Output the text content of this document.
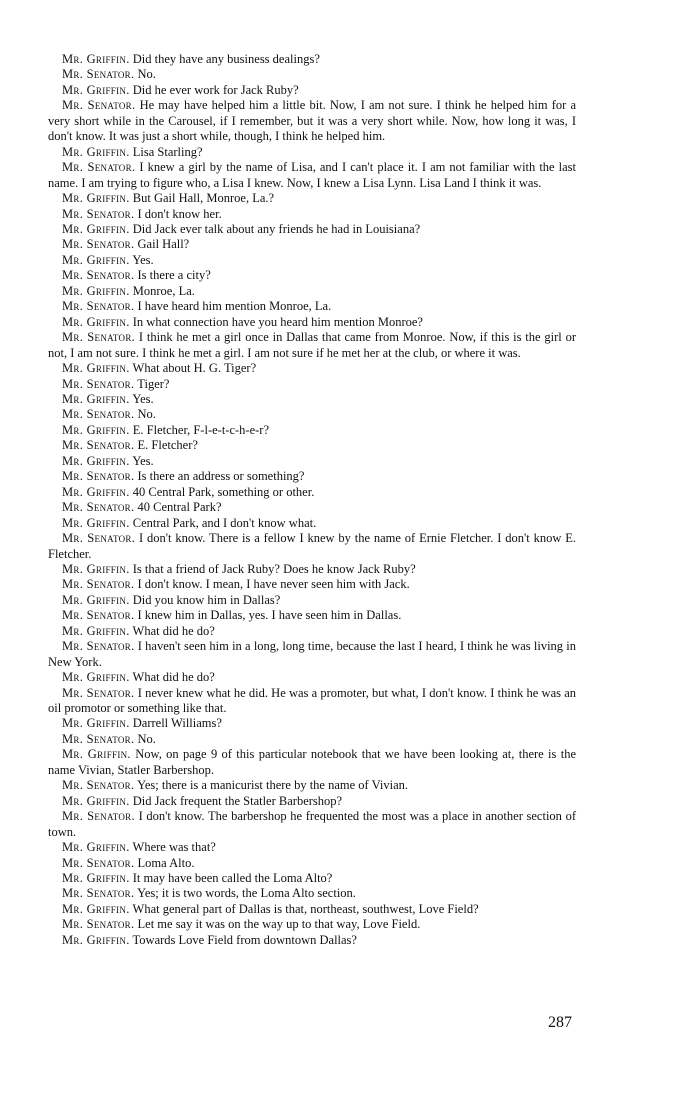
Mr. Griffin. Did they have any business dealings?

Mr. Senator. No.

Mr. Griffin. Did he ever work for Jack Ruby?

Mr. Senator. He may have helped him a little bit. Now, I am not sure. I think he helped him for a very short while in the Carousel, if I remember, but it was a very short while. Now, how long it was, I don't know. It was just a short while, though, I think he helped him.

Mr. Griffin. Lisa Starling?

Mr. Senator. I knew a girl by the name of Lisa, and I can't place it. I am not familiar with the last name. I am trying to figure who, a Lisa I knew. Now, I knew a Lisa Lynn. Lisa Land I think it was.

Mr. Griffin. But Gail Hall, Monroe, La.?

Mr. Senator. I don't know her.

Mr. Griffin. Did Jack ever talk about any friends he had in Louisiana?

Mr. Senator. Gail Hall?

Mr. Griffin. Yes.

Mr. Senator. Is there a city?

Mr. Griffin. Monroe, La.

Mr. Senator. I have heard him mention Monroe, La.

Mr. Griffin. In what connection have you heard him mention Monroe?

Mr. Senator. I think he met a girl once in Dallas that came from Monroe. Now, if this is the girl or not, I am not sure. I think he met a girl. I am not sure if he met her at the club, or where it was.

Mr. Griffin. What about H. G. Tiger?

Mr. Senator. Tiger?

Mr. Griffin. Yes.

Mr. Senator. No.

Mr. Griffin. E. Fletcher, F-l-e-t-c-h-e-r?

Mr. Senator. E. Fletcher?

Mr. Griffin. Yes.

Mr. Senator. Is there an address or something?

Mr. Griffin. 40 Central Park, something or other.

Mr. Senator. 40 Central Park?

Mr. Griffin. Central Park, and I don't know what.

Mr. Senator. I don't know. There is a fellow I knew by the name of Ernie Fletcher. I don't know E. Fletcher.

Mr. Griffin. Is that a friend of Jack Ruby? Does he know Jack Ruby?

Mr. Senator. I don't know. I mean, I have never seen him with Jack.

Mr. Griffin. Did you know him in Dallas?

Mr. Senator. I knew him in Dallas, yes. I have seen him in Dallas.

Mr. Griffin. What did he do?

Mr. Senator. I haven't seen him in a long, long time, because the last I heard, I think he was living in New York.

Mr. Griffin. What did he do?

Mr. Senator. I never knew what he did. He was a promoter, but what, I don't know. I think he was an oil promotor or something like that.

Mr. Griffin. Darrell Williams?

Mr. Senator. No.

Mr. Griffin. Now, on page 9 of this particular notebook that we have been looking at, there is the name Vivian, Statler Barbershop.

Mr. Senator. Yes; there is a manicurist there by the name of Vivian.

Mr. Griffin. Did Jack frequent the Statler Barbershop?

Mr. Senator. I don't know. The barbershop he frequented the most was a place in another section of town.

Mr. Griffin. Where was that?

Mr. Senator. Loma Alto.

Mr. Griffin. It may have been called the Loma Alto?

Mr. Senator. Yes; it is two words, the Loma Alto section.

Mr. Griffin. What general part of Dallas is that, northeast, southwest, Love Field?

Mr. Senator. Let me say it was on the way up to that way, Love Field.

Mr. Griffin. Towards Love Field from downtown Dallas?

287
